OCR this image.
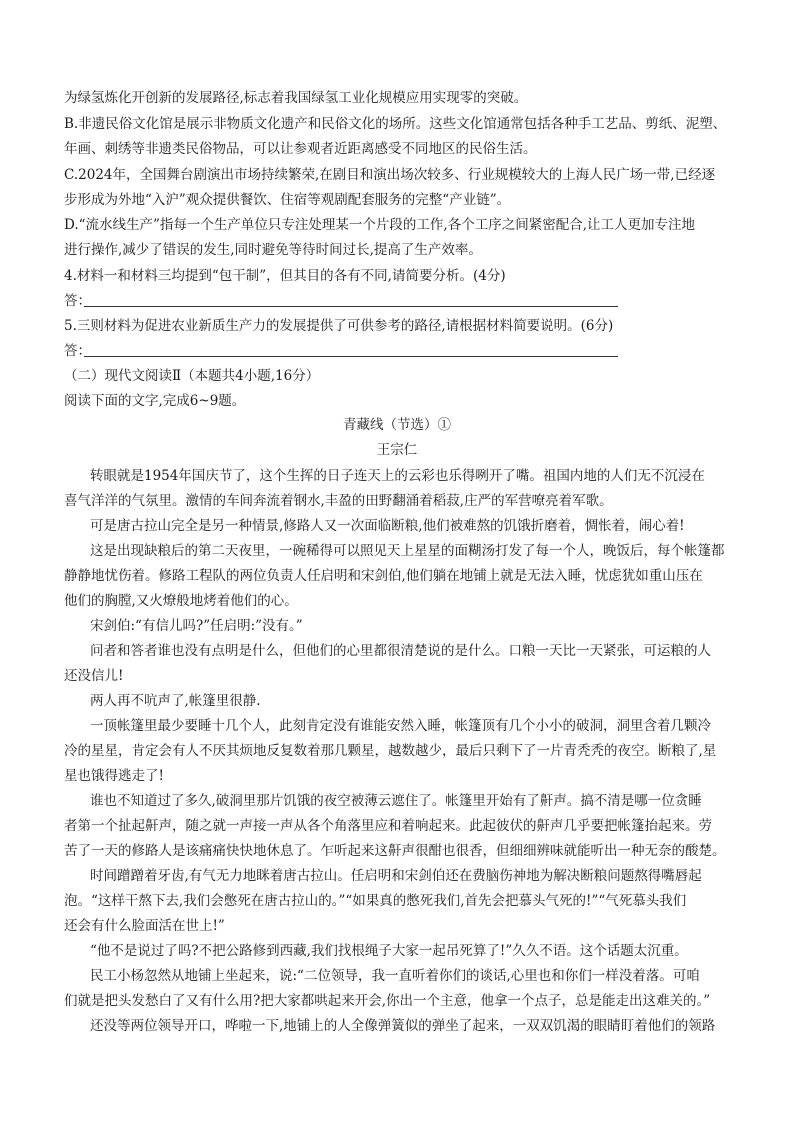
为绿氢炼化开创新的发展路径,标志着我国绿氢工业化规模应用实现零的突破。
B.非遗民俗文化馆是展示非物质文化遗产和民俗文化的场所。这些文化馆通常包括各种手工艺品、剪纸、泥塑、
年画、刺绣等非遗类民俗物品，可以让参观者近距离感受不同地区的民俗生活。
C.2024年，全国舞台剧演出市场持续繁荣,在剧目和演出场次较多、行业规模较大的上海人民广场一带,已经逐
步形成为外地“入沪”观众提供餐饮、住宿等观剧配套服务的完整“产业链”。
D.“流水线生产”指每一个生产单位只专注处理某一个片段的工作,各个工序之间紧密配合,让工人更加专注地
进行操作,减少了错误的发生,同时避免等待时间过长,提高了生产效率。
4.材料一和材料三均提到“包干制”，但其目的各有不同,请简要分析。(4分)
答：
5.三则材料为促进农业新质生产力的发展提供了可供参考的路径,请根据材料简要说明。(6分)
答：
（二）现代文阅读Ⅱ（本题共4小题,16分）
阅读下面的文字,完成6~9题。
青藏线（节选）①
王宗仁
转眼就是1954年国庆节了，这个生挥的日子连天上的云彩也乐得咧开了嘴。祖国内地的人们无不沉浸在
喜气洋洋的气氛里。激情的车间奔流着钢水,丰盈的田野翻涌着稻菽,庄严的军营嘹亮着军歌。
可是唐古拉山完全是另一种情景,修路人又一次面临断粮,他们被难熬的饥饿折磨着，惆怅着，闹心着!
这是出现缺粮后的第二天夜里，一碗稀得可以照见天上星星的面糊汤打发了每一个人，晚饭后，每个帐篷都
静静地忧伤着。修路工程队的两位负责人任启明和宋剑伯,他们躺在地铺上就是无法入睡，忧虑犹如重山压在
他们的胸膛,又火燎般地烤着他们的心。
宋剑伯:“有信儿吗?”任启明:”没有。”
问者和答者谁也没有点明是什么，但他们的心里都很清楚说的是什么。口粮一天比一天紧张，可运粮的人
还没信儿!
两人再不吭声了,帐篷里很静.
一顶帐篷里最少要睡十几个人，此刻肯定没有谁能安然入睡，帐篷顶有几个小小的破洞，洞里含着几颗冷
冷的星星，肯定会有人不厌其烦地反复数着那几颗星，越数越少，最后只剩下了一片青秃秃的夜空。断粮了,星
星也饿得逃走了!
谁也不知道过了多久,破洞里那片饥饿的夜空被薄云遮住了。帐篷里开始有了鼾声。搞不清是哪一位贪睡
者第一个扯起鼾声，随之就一声接一声从各个角落里应和着响起来。此起彼伏的鼾声几乎要把帐篷抬起来。劳
苦了一天的修路人是该痛痛快快地休息了。乍听起来这鼾声很酣也很香，但细细辨味就能听出一种无奈的酸楚。
时间蹭蹭着牙齿,有气无力地眯着唐古拉山。任启明和宋剑伯还在费脑伤神地为解决断粮问题熬得嘴唇起
泡。“这样干熬下去,我们会憋死在唐古拉山的。”“如果真的憋死我们,首先会把慕头气死的!”“气死慕头我们
还会有什么脸面活在世上!”
“他不是说过了吗?不把公路修到西藏,我们找根绳子大家一起吊死算了!”久久不语。这个话题太沉重。
民工小杨忽然从地铺上坐起来，说:“二位领导，我一直听着你们的谈话,心里也和你们一样没着落。可咱
们就是把头发愁白了又有什么用?把大家都哄起来开会,你出一个主意，他拿一个点子，总是能走出这难关的。”
还没等两位领导开口，哗啦一下,地铺上的人全像弹簧似的弹坐了起来，一双双饥渴的眼睛盯着他们的领路
